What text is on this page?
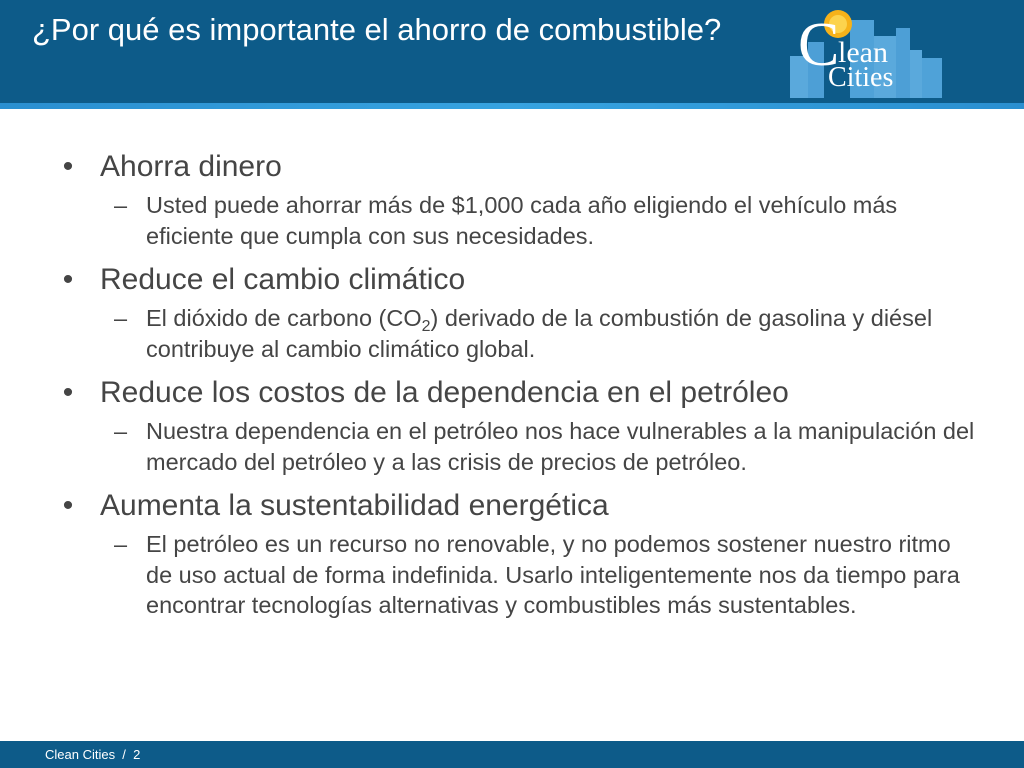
¿Por qué es importante el ahorro de combustible? C
lean
Cities
• Ahorra dinero
– Usted puede ahorrar más de $1,000 cada año eligiendo el vehículo más eficiente que cumpla con sus necesidades.
• Reduce el cambio climático
– El dióxido de carbono $(CO_2)$ derivado de la combustión de gasolina y diésel contribuye al cambio climático global.
• Reduce los costos de la dependencia en el petróleo
– Nuestra dependencia en el petróleo nos hace vulnerables a la manipulación del mercado del petróleo y a las crisis de precios de petróleo.
• Aumenta la sustentabilidad energética
– El petróleo es un recurso no renovable, y no podemos sostener nuestro ritmo de uso actual de forma indefinida. Usarlo inteligentemente nos da tiempo para encontrar tecnologías alternativas y combustibles más sustentables.
Clean Cities  /  2
